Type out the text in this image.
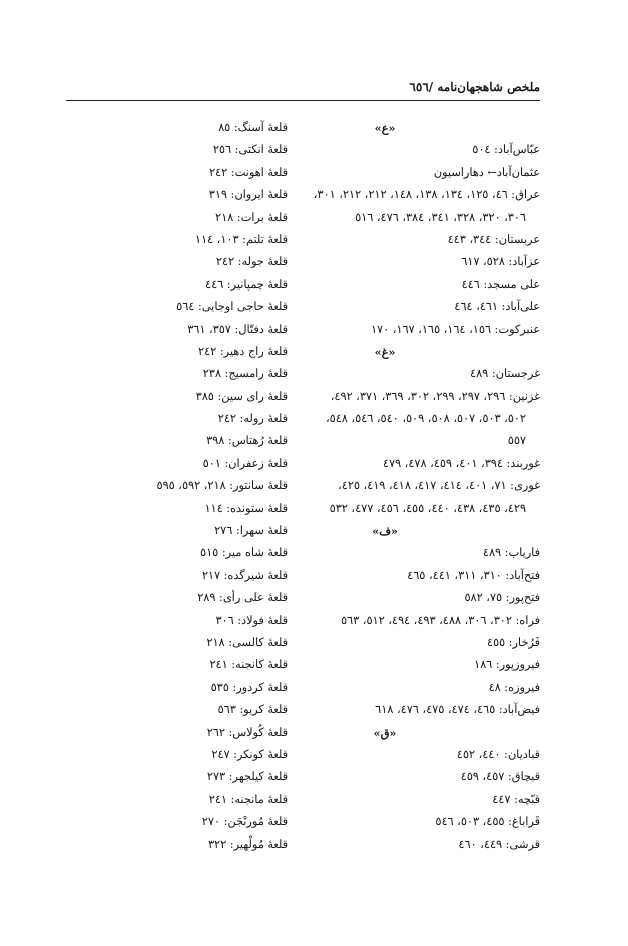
ملخص شاهجهان‌نامه /٦٥٦
«ع»
عبّاس‌آباد: ٥٠٤
عثمان‌آباد← دهاراسیون
عراق: ٤٦، ١٢٥، ١٣٤، ١٣٨، ١٤٨، ٢١٢، ٢١٢، ٣٠١،
٣٠٦، ٣٢٠، ٣٢٨، ٣٤١، ٣٨٤، ٤٧٦، ٥١٦
عربستان: ٣٤٤، ٤٤٣
عزآباد: ٥٢٨، ٦١٧
علی مسجد: ٤٤٦
علی‌آباد: ٤٦١، ٤٦٤
عنبرکوت: ١٥٦، ١٦٤، ١٦٥، ١٦٧، ١٧٠
«غ»
غرجستان: ٤٨٩
غزنین: ٢٩٦، ٢٩٧، ٢٩٩، ٣٠٢، ٣٦٩، ٣٧١، ٤٩٢،
٥٠٢، ٥٠٣، ٥٠٧، ٥٠٨، ٥٠٩، ٥٤٠، ٥٤٦، ٥٤٨،
٥٥٧
غوربند: ٣٩٤، ٤٠١، ٤٥٩، ٤٧٨، ٤٧٩
غوری: ٧١، ٤٠١، ٤١٤، ٤١٧، ٤١٨، ٤١٩، ٤٢٥،
٤٢٩، ٤٣٥، ٤٣٨، ٤٤٠، ٤٥٥، ٤٥٦، ٤٧٧، ٥٣٢
«ف»
فارياب: ٤٨٩
فتح‌آباد: ٣١٠، ٣١١، ٤٤١، ٤٦٥
فتح‌پور: ٧٥، ٥٨٢
فراه: ٣٠٢، ٣٠٦، ٤٨٨، ٤٩٣، ٤٩٤، ٥١٢، ٥٦٣
فَرُخار: ٤٥٥
فیروزپور: ١٨٦
فیروزه: ٤٨
فیض‌آباد: ٤٦٥، ٤٧٤، ٤٧٥، ٤٧٦، ٦١٨
«ق»
قبادیان: ٤٤٠، ٤٥٢
قبچاق: ٤٥٧، ٤٥٩
قبّچه: ٤٤٧
قَراباغ: ٤٥٥، ٥٠٣، ٥٤٦
قرشی: ٤٤٩، ٤٦٠
قلعهٔ آسنگ: ٨٥
قلعهٔ انکتی: ٢٥٦
قلعهٔ اهونت: ٢٤٢
قلعهٔ ایروان: ٣١٩
قلعهٔ برات: ٢١٨
قلعهٔ تلتم: ١٠٣، ١١٤
قلعهٔ جوله: ٢٤٢
قلعهٔ چمپانیر: ٤٤٦
قلعهٔ حاجی اوجایی: ٥٦٤
قلعهٔ دفتّال: ٣٥٧، ٣٦١
قلعهٔ راج دهیر: ٢٤٢
قلعهٔ رامسیج: ٢٣٨
قلعهٔ رای سین: ٣٨٥
قلعهٔ روله: ٢٤٢
قلعهٔ رُهتاس: ٣٩٨
قلعهٔ زعفران: ٥٠١
قلعهٔ سانتور: ٢١٨، ٥٩٢، ٥٩٥
قلعهٔ ستونده: ١١٤
قلعهٔ سهرا: ٢٧٦
قلعهٔ شاه میر: ٥١٥
قلعهٔ شیرگده: ٢١٧
قلعهٔ علی رأی: ٢٨٩
قلعهٔ فولاد: ٣٠٦
قلعهٔ کالسی: ٢١٨
قلعهٔ کانجنه: ٢٤١
قلعهٔ کردور: ٥٣٥
قلعهٔ کریو: ٥٦٣
قلعهٔ کُولاس: ٢٦٢
قلعهٔ کونکر: ٢٤٧
قلعهٔ کیلجهر: ٢٧٣
قلعهٔ مانجنه: ٢٤١
قلعهٔ مُورنْجَن: ٢٧٠
قلعهٔ مُولْهیر: ٣٢٢
